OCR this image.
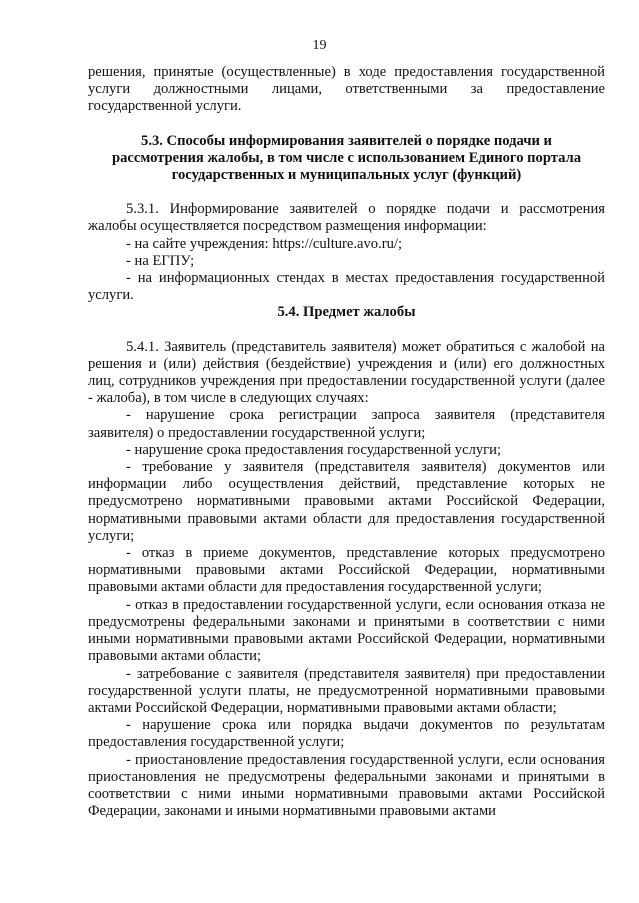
19

решения, принятые (осуществленные) в ходе предоставления государственной услуги должностными лицами, ответственными за предоставление государственной услуги.

5.3. Способы информирования заявителей о порядке подачи и рассмотрения жалобы, в том числе с использованием Единого портала государственных и муниципальных услуг (функций)

5.3.1. Информирование заявителей о порядке подачи и рассмотрения жалобы осуществляется посредством размещения информации:

- на сайте учреждения: https://culture.avo.ru/;

- на ЕГПУ;

- на информационных стендах в местах предоставления государственной услуги.

5.4. Предмет жалобы

5.4.1. Заявитель (представитель заявителя) может обратиться с жалобой на решения и (или) действия (бездействие) учреждения и (или) его должностных лиц, сотрудников учреждения при предоставлении государственной услуги (далее - жалоба), в том числе в следующих случаях:

- нарушение срока регистрации запроса заявителя (представителя заявителя) о предоставлении государственной услуги;

- нарушение срока предоставления государственной услуги;

- требование у заявителя (представителя заявителя) документов или информации либо осуществления действий, представление которых не предусмотрено нормативными правовыми актами Российской Федерации, нормативными правовыми актами области для предоставления государственной услуги;

- отказ в приеме документов, представление которых предусмотрено нормативными правовыми актами Российской Федерации, нормативными правовыми актами области для предоставления государственной услуги;

- отказ в предоставлении государственной услуги, если основания отказа не предусмотрены федеральными законами и принятыми в соответствии с ними иными нормативными правовыми актами Российской Федерации, нормативными правовыми актами области;

- затребование с заявителя (представителя заявителя) при предоставлении государственной услуги платы, не предусмотренной нормативными правовыми актами Российской Федерации, нормативными правовыми актами области;

- нарушение срока или порядка выдачи документов по результатам предоставления государственной услуги;

- приостановление предоставления государственной услуги, если основания приостановления не предусмотрены федеральными законами и принятыми в соответствии с ними иными нормативными правовыми актами Российской Федерации, законами и иными нормативными правовыми актами
